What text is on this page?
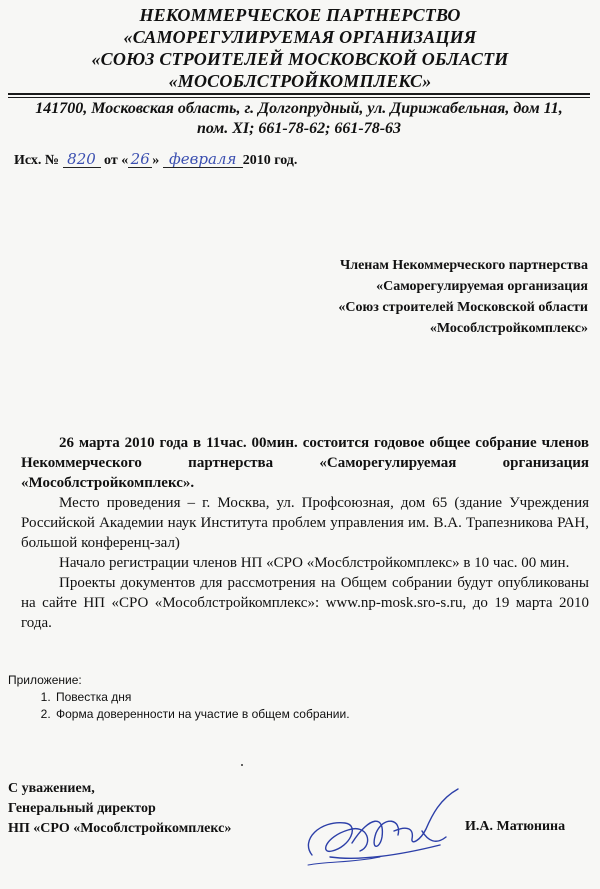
НЕКОММЕРЧЕСКОЕ ПАРТНЕРСТВО
«САМОРЕГУЛИРУЕМАЯ ОРГАНИЗАЦИЯ
«СОЮЗ СТРОИТЕЛЕЙ МОСКОВСКОЙ ОБЛАСТИ
«МОСОБЛСТРОЙКОМПЛЕКС»
141700, Московская область, г. Долгопрудный, ул. Дирижабельная, дом 11,
пом. XI; 661-78-62; 661-78-63
Исх. № 820 от « 26 » февраля 2010 год.
Членам Некоммерческого партнерства
«Саморегулируемая организация
«Союз строителей Московской области
«Мособлстройкомплекс»

26 марта 2010 года в 11час. 00мин. состоится годовое общее собрание членов Некоммерческого партнерства «Саморегулируемая организация «Мособлстройкомплекс».

Место проведения – г. Москва, ул. Профсоюзная, дом 65 (здание Учреждения Российской Академии наук Института проблем управления им. В.А. Трапезникова РАН, большой конференц-зал)

Начало регистрации членов НП «СРО «Мосблстройкомплекс» в 10 час. 00 мин.

Проекты документов для рассмотрения на Общем собрании будут опубликованы на сайте НП «СРО «Мособлстройкомплекс»: www.np-mosk.sro-s.ru, до 19 марта 2010 года.

Приложение:
1. Повестка дня
2. Форма доверенности на участие в общем собрании.
С уважением,
Генеральный директор
НП «СРО «Мособлстройкомплекс»	И.А. Матюнина
